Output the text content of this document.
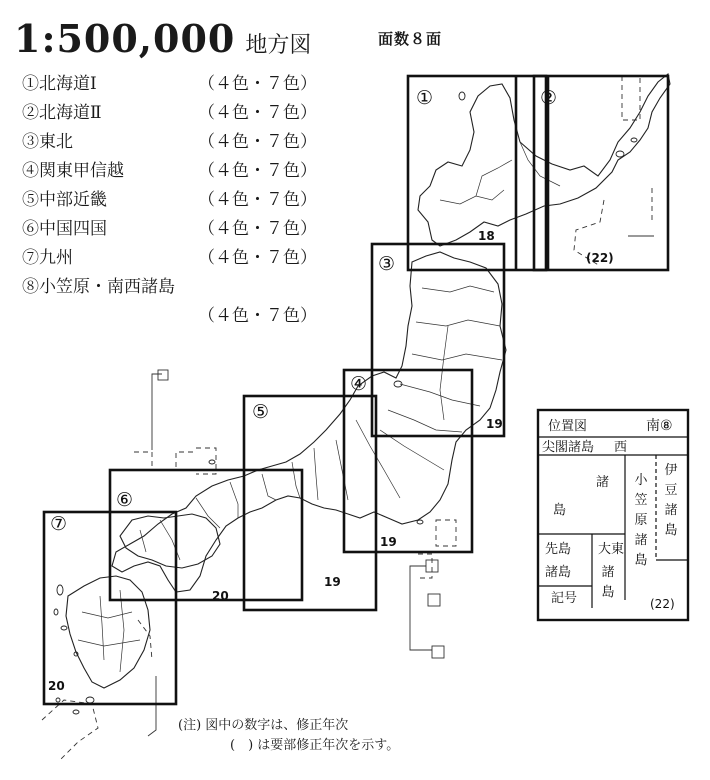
①
18
②
(22)
③
19
④
19
⑤
19
⑥
20
⑦
20
位置図	南⑧
尖閣諸島 西
諸
島
小
笠
原
諸
島
伊
豆
諸
島
先島
諸島
大東
諸
島
記号	(22)
1:500,000 地方図	面数８面
①北海道Ⅰ	（４色・７色）
②北海道Ⅱ	（４色・７色）
③東北	（４色・７色）
④関東甲信越	（４色・７色）
⑤中部近畿	（４色・７色）
⑥中国四国	（４色・７色）
⑦九州	（４色・７色）
⑧小笠原・南西諸島
（４色・７色）
(注) 図中の数字は、修正年次
(　) は要部修正年次を示す。
